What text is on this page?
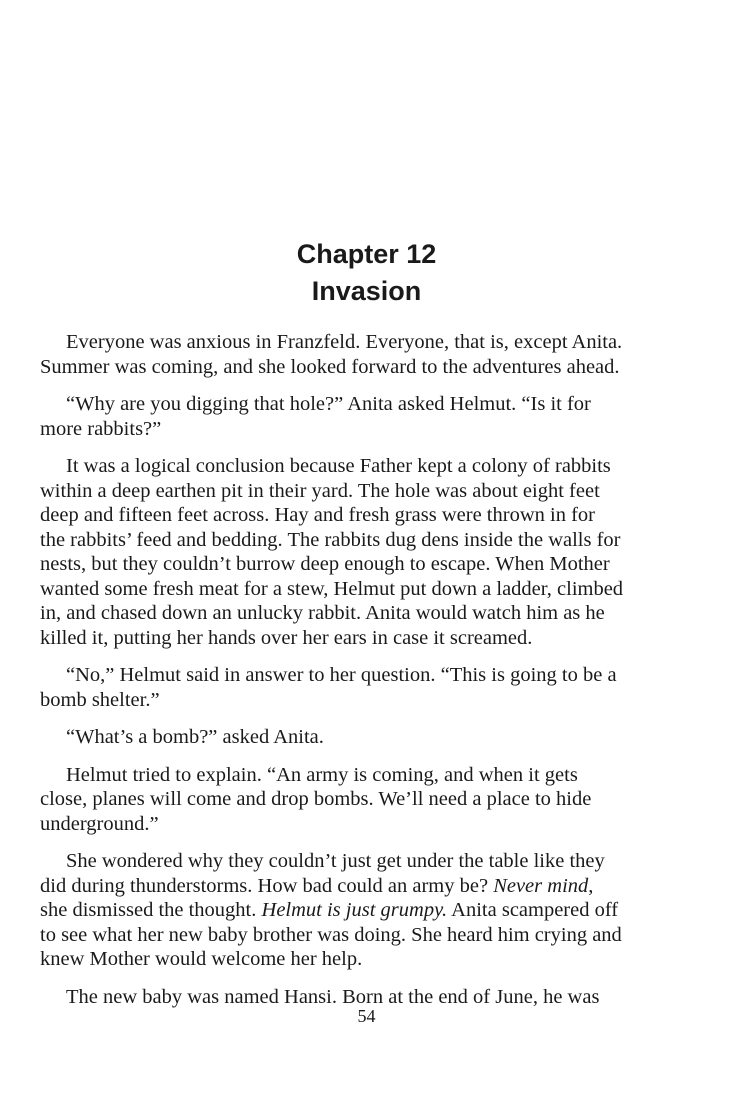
Chapter 12
Invasion

Everyone was anxious in Franzfeld. Everyone, that is, except Anita.
Summer was coming, and she looked forward to the adventures ahead.

“Why are you digging that hole?” Anita asked Helmut. “Is it for
more rabbits?”

It was a logical conclusion because Father kept a colony of rabbits
within a deep earthen pit in their yard. The hole was about eight feet
deep and fifteen feet across. Hay and fresh grass were thrown in for
the rabbits’ feed and bedding. The rabbits dug dens inside the walls for
nests, but they couldn’t burrow deep enough to escape. When Mother
wanted some fresh meat for a stew, Helmut put down a ladder, climbed
in, and chased down an unlucky rabbit. Anita would watch him as he
killed it, putting her hands over her ears in case it screamed.

“No,” Helmut said in answer to her question. “This is going to be a
bomb shelter.”

“What’s a bomb?” asked Anita.

Helmut tried to explain. “An army is coming, and when it gets
close, planes will come and drop bombs. We’ll need a place to hide
underground.”

She wondered why they couldn’t just get under the table like they
did during thunderstorms. How bad could an army be? Never mind,
she dismissed the thought. Helmut is just grumpy. Anita scampered off
to see what her new baby brother was doing. She heard him crying and
knew Mother would welcome her help.

The new baby was named Hansi. Born at the end of June, he was

54
